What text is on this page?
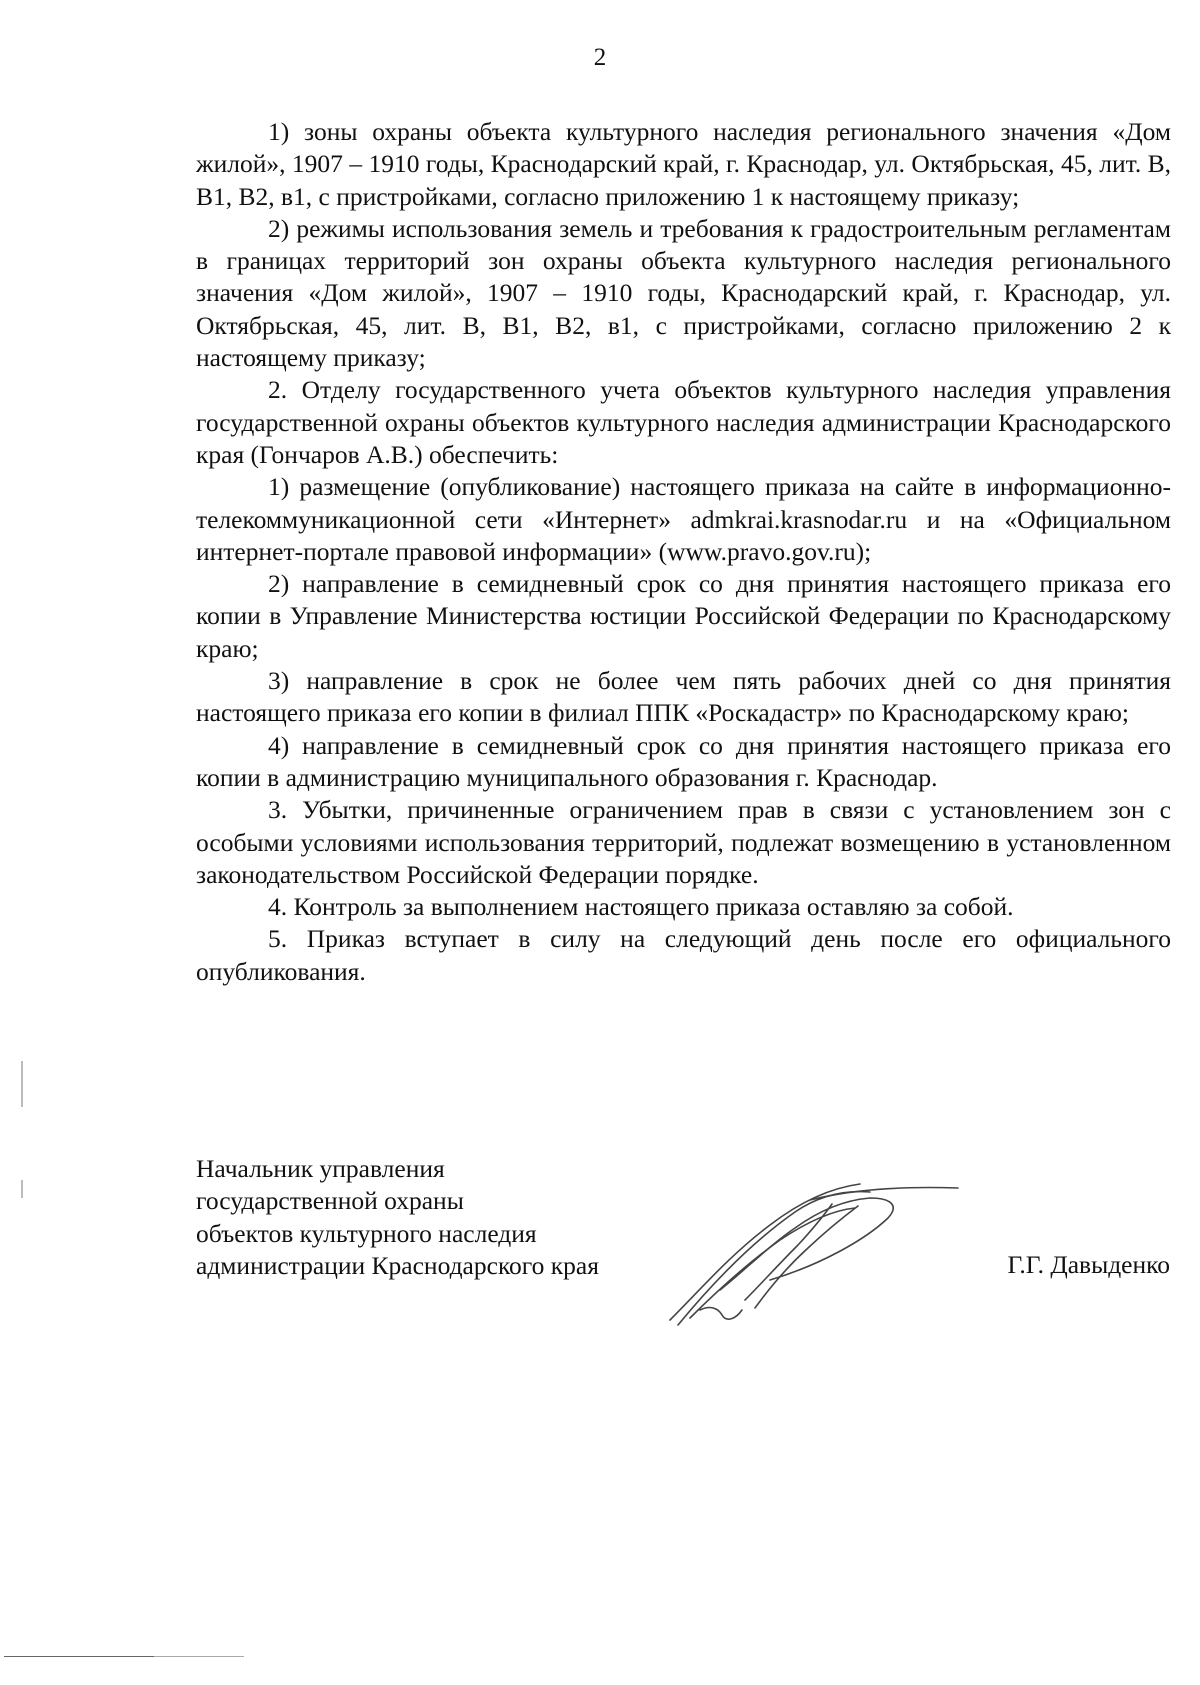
2

1) зоны охраны объекта культурного наследия регионального значения «Дом жилой», 1907 – 1910 годы, Краснодарский край, г. Краснодар, ул. Октябрьская, 45, лит. В, В1, В2, в1, с пристройками, согласно приложению 1 к настоящему приказу;

2) режимы использования земель и требования к градостроительным регламентам в границах территорий зон охраны объекта культурного наследия регионального значения «Дом жилой», 1907 – 1910 годы, Краснодарский край, г. Краснодар, ул. Октябрьская, 45, лит. В, В1, В2, в1, с пристройками, согласно приложению 2 к настоящему приказу;

2. Отделу государственного учета объектов культурного наследия управления государственной охраны объектов культурного наследия администрации Краснодарского края (Гончаров А.В.) обеспечить:

1) размещение (опубликование) настоящего приказа на сайте в информационно-телекоммуникационной сети «Интернет» admkrai.krasnodar.ru и на «Официальном интернет-портале правовой информации» (www.pravo.gov.ru);

2) направление в семидневный срок со дня принятия настоящего приказа его копии в Управление Министерства юстиции Российской Федерации по Краснодарскому краю;

3) направление в срок не более чем пять рабочих дней со дня принятия настоящего приказа его копии в филиал ППК «Роскадастр» по Краснодарскому краю;

4) направление в семидневный срок со дня принятия настоящего приказа его копии в администрацию муниципального образования г. Краснодар.

3. Убытки, причиненные ограничением прав в связи с установлением зон с особыми условиями использования территорий, подлежат возмещению в установленном законодательством Российской Федерации порядке.

4. Контроль за выполнением настоящего приказа оставляю за собой.

5. Приказ вступает в силу на следующий день после его официального опубликования.

Начальник управления
государственной охраны
объектов культурного наследия
администрации Краснодарского края	Г.Г. Давыденко
